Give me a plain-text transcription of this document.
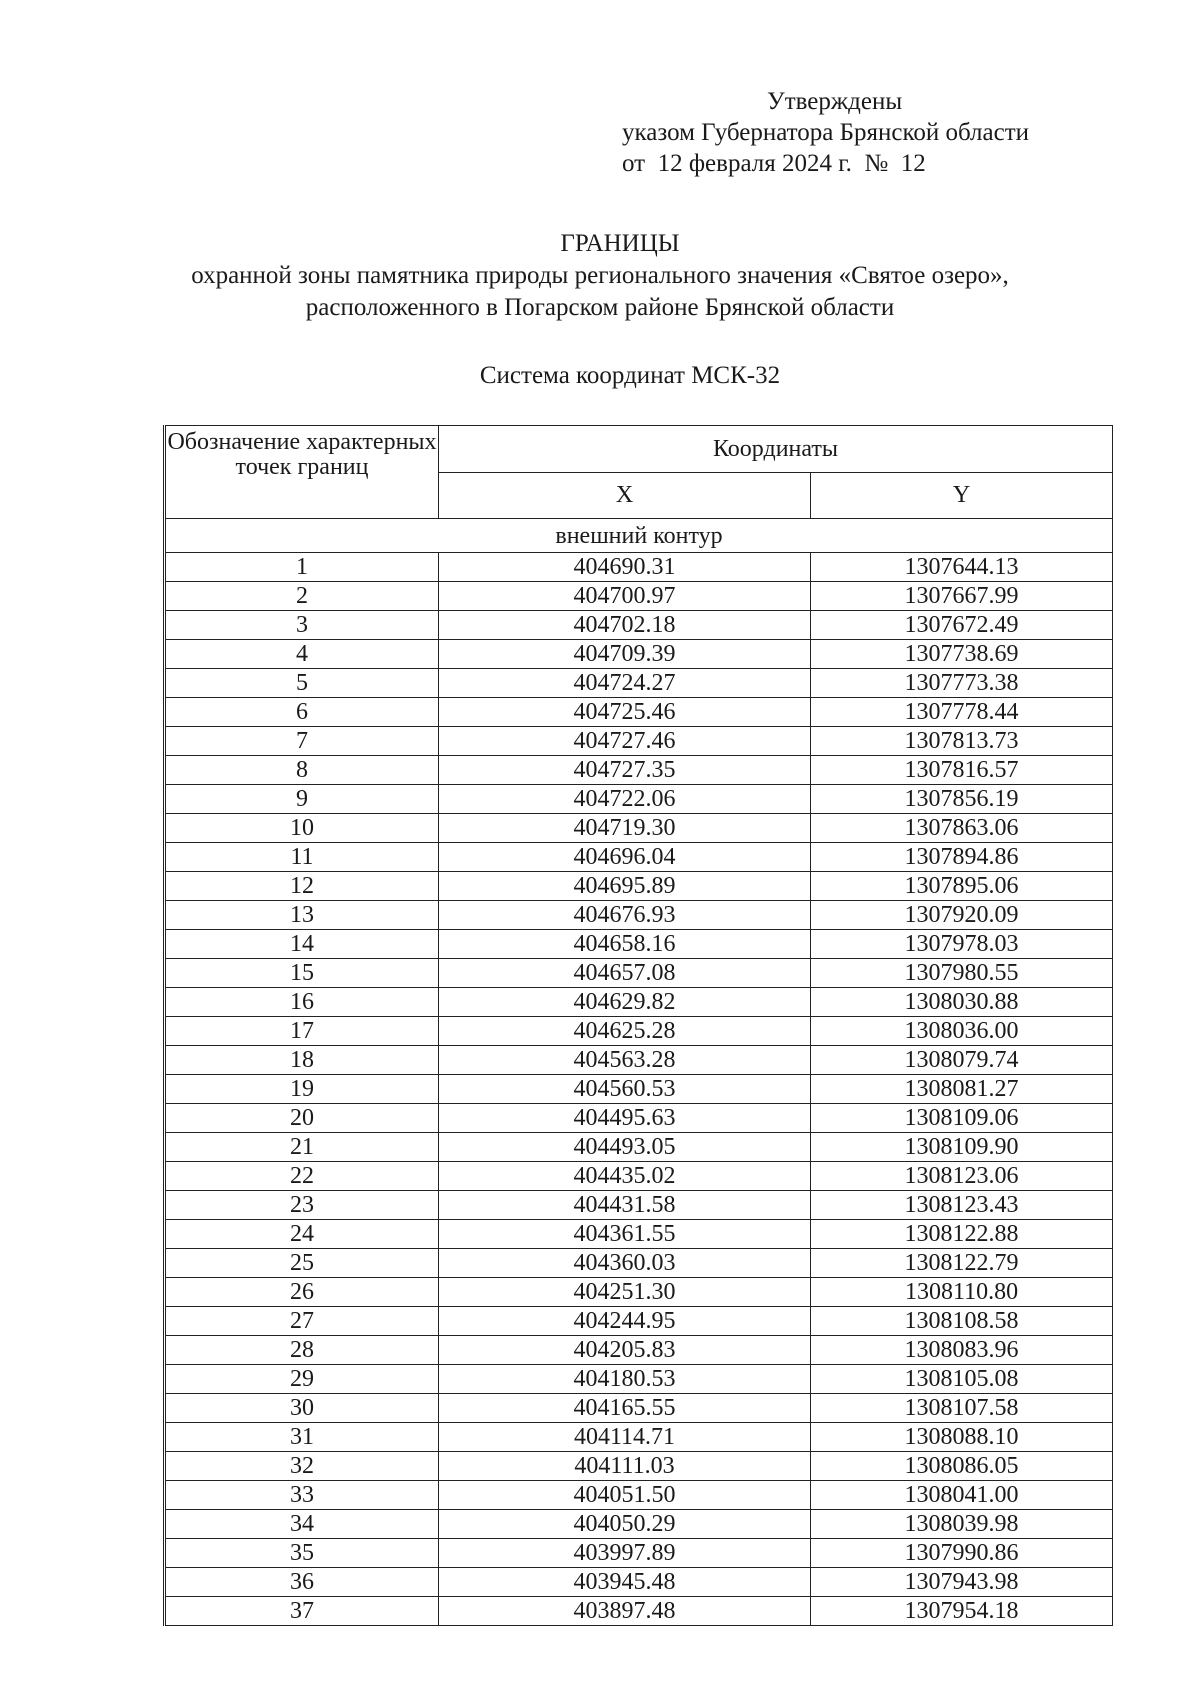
Утверждены
указом Губернатора Брянской области
от  12 февраля 2024 г.  №  12
ГРАНИЦЫ
охранной зоны памятника природы регионального значения «Святое озеро»,
расположенного в Погарском районе Брянской области
Система координат МСК-32
Обозначение характерных точек границ	Координаты	
	X	Y
внешний контур		
1	404690.31	1307644.13
2	404700.97	1307667.99
3	404702.18	1307672.49
4	404709.39	1307738.69
5	404724.27	1307773.38
6	404725.46	1307778.44
7	404727.46	1307813.73
8	404727.35	1307816.57
9	404722.06	1307856.19
10	404719.30	1307863.06
11	404696.04	1307894.86
12	404695.89	1307895.06
13	404676.93	1307920.09
14	404658.16	1307978.03
15	404657.08	1307980.55
16	404629.82	1308030.88
17	404625.28	1308036.00
18	404563.28	1308079.74
19	404560.53	1308081.27
20	404495.63	1308109.06
21	404493.05	1308109.90
22	404435.02	1308123.06
23	404431.58	1308123.43
24	404361.55	1308122.88
25	404360.03	1308122.79
26	404251.30	1308110.80
27	404244.95	1308108.58
28	404205.83	1308083.96
29	404180.53	1308105.08
30	404165.55	1308107.58
31	404114.71	1308088.10
32	404111.03	1308086.05
33	404051.50	1308041.00
34	404050.29	1308039.98
35	403997.89	1307990.86
36	403945.48	1307943.98
37	403897.48	1307954.18
